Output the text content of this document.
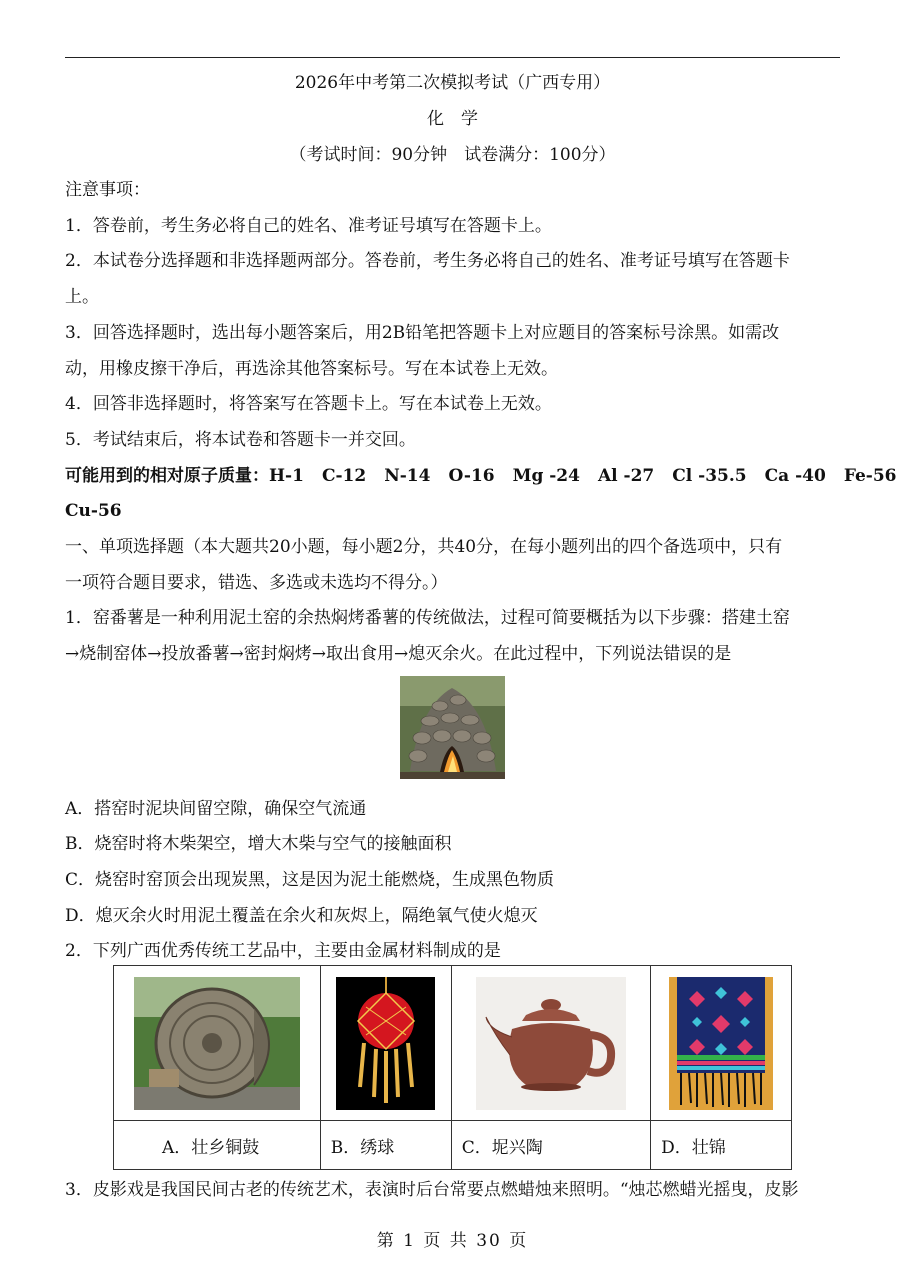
2026年中考第二次模拟考试（广西专用）
化　学
（考试时间：90分钟　试卷满分：100分）
注意事项：
1．答卷前，考生务必将自己的姓名、准考证号填写在答题卡上。
2．本试卷分选择题和非选择题两部分。答卷前，考生务必将自己的姓名、准考证号填写在答题卡
上。
3．回答选择题时，选出每小题答案后，用2B铅笔把答题卡上对应题目的答案标号涂黑。如需改
动，用橡皮擦干净后，再选涂其他答案标号。写在本试卷上无效。
4．回答非选择题时，将答案写在答题卡上。写在本试卷上无效。
5．考试结束后，将本试卷和答题卡一并交回。
可能用到的相对原子质量：H-1 C-12 N-14 O-16 Mg -24 Al -27 Cl -35.5 Ca -40 Fe-56
Cu-56
一、单项选择题（本大题共20小题，每小题2分，共40分，在每小题列出的四个备选项中，只有
一项符合题目要求，错选、多选或未选均不得分。）
1．窑番薯是一种利用泥土窑的余热焖烤番薯的传统做法，过程可简要概括为以下步骤：搭建土窑
→烧制窑体→投放番薯→密封焖烤→取出食用→熄灭余火。在此过程中，下列说法错误的是
A．搭窑时泥块间留空隙，确保空气流通
B．烧窑时将木柴架空，增大木柴与空气的接触面积
C．烧窑时窑顶会出现炭黑，这是因为泥土能燃烧，生成黑色物质
D．熄灭余火时用泥土覆盖在余火和灰烬上，隔绝氧气使火熄灭
2．下列广西优秀传统工艺品中，主要由金属材料制成的是

A．壮乡铜鼓	B．绣球	C．坭兴陶	D．壮锦
3．皮影戏是我国民间古老的传统艺术，表演时后台常要点燃蜡烛来照明。“烛芯燃蜡光摇曳，皮影
第 1 页 共 30 页
